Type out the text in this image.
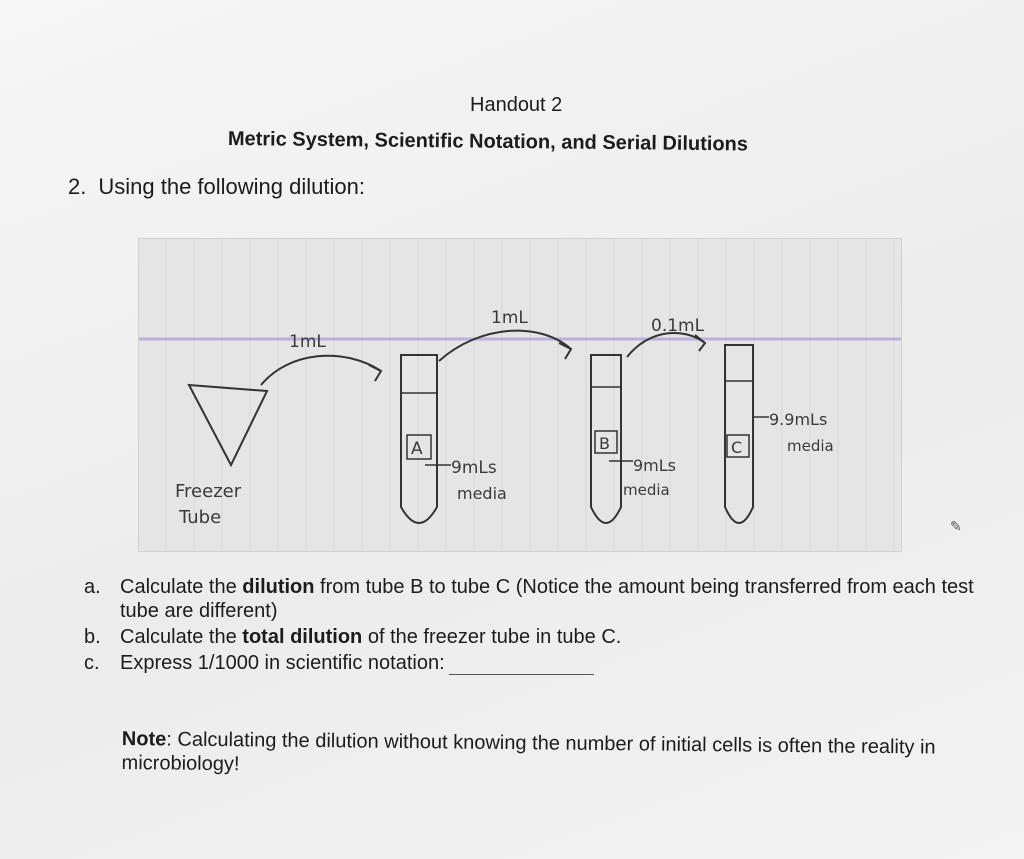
Handout 2
Metric System, Scientific Notation, and Serial Dilutions
2. Using the following dilution:
Freezer
Tube
1mL
A
9mLs
media
1mL
B
9mLs
media
0.1mL
C
9.9mLs
media
✎
a. Calculate the dilution from tube B to tube C (Notice the amount being transferred from each test tube are different)
b. Calculate the total dilution of the freezer tube in tube C.
c. Express 1/1000 in scientific notation:
Note: Calculating the dilution without knowing the number of initial cells is often the reality in microbiology!
